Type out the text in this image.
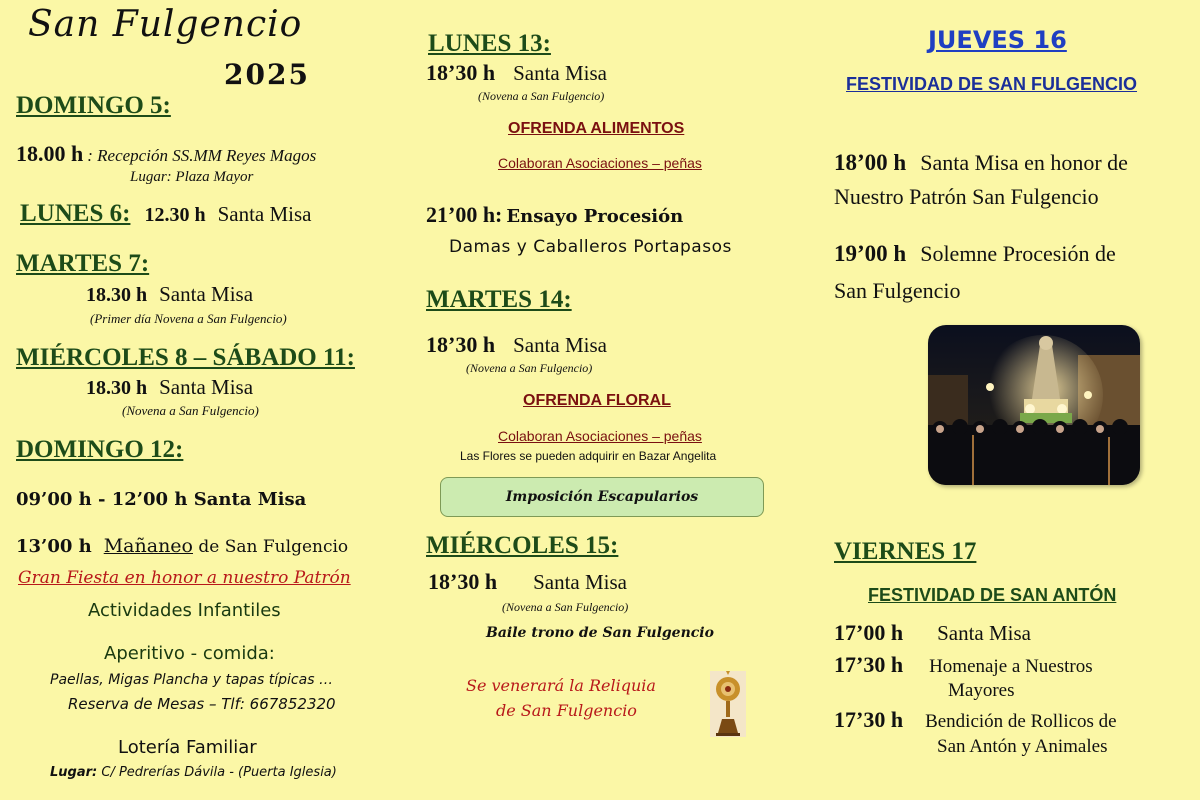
San Fulgencio
2025
DOMINGO 5:
18.00 h : Recepción SS.MM Reyes Magos
Lugar: Plaza Mayor
LUNES 6: 12.30 h Santa Misa
MARTES 7:
18.30 h Santa Misa
(Primer día Novena a San Fulgencio)
MIÉRCOLES 8 – SÁBADO 11:
18.30 h Santa Misa
(Novena a San Fulgencio)
DOMINGO 12:
09’00 h - 12’00 h Santa Misa
13’00 h Mañaneo de San Fulgencio
Gran Fiesta en honor a nuestro Patrón
Actividades Infantiles
Aperitivo - comida:
Paellas, Migas Plancha y tapas típicas …
Reserva de Mesas – Tlf: 667852320
Lotería Familiar
Lugar: C/ Pedrerías Dávila - (Puerta Iglesia)
LUNES 13:
18’30 h Santa Misa
(Novena a San Fulgencio)
OFRENDA ALIMENTOS
Colaboran Asociaciones – peñas
21’00 h: Ensayo Procesión
Damas y Caballeros Portapasos
MARTES 14:
18’30 h Santa Misa
(Novena a San Fulgencio)
OFRENDA FLORAL
Colaboran Asociaciones – peñas
Las Flores se pueden adquirir en Bazar Angelita
Imposición Escapularios
MIÉRCOLES 15:
18’30 h Santa Misa
(Novena a San Fulgencio)
Baile trono de San Fulgencio
Se venerará la Reliquia
de San Fulgencio
JUEVES 16
FESTIVIDAD DE SAN FULGENCIO
18’00 h Santa Misa en honor de
Nuestro Patrón San Fulgencio
19’00 h Solemne Procesión de
San Fulgencio
VIERNES 17
FESTIVIDAD DE SAN ANTÓN
17’00 h Santa Misa
17’30 h Homenaje a Nuestros
Mayores
17’30 h Bendición de Rollicos de
San Antón y Animales
